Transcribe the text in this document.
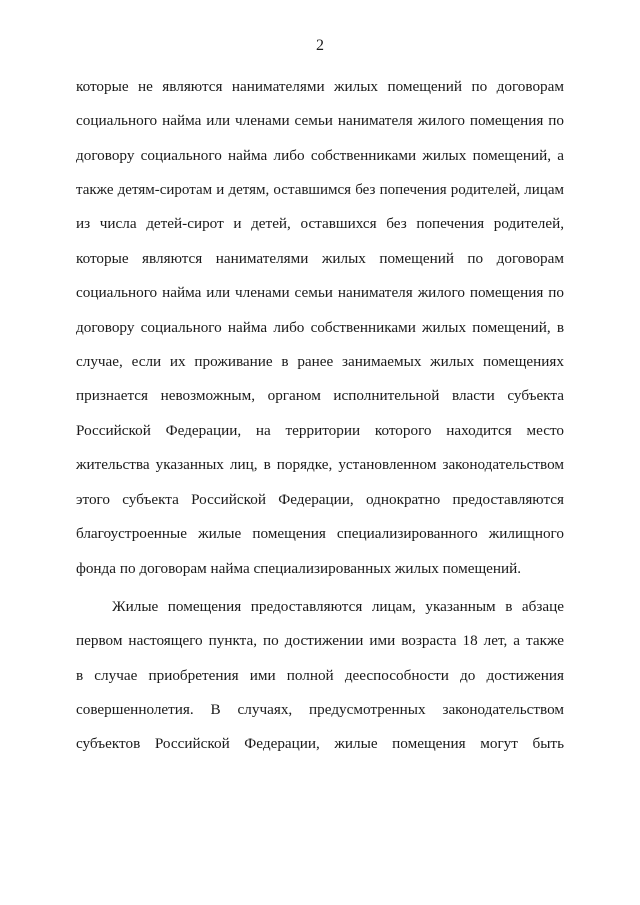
2
которые не являются нанимателями жилых помещений по договорам
социального найма или членами семьи нанимателя жилого помещения по
договору социального найма либо собственниками жилых помещений, а
также детям-сиротам и детям, оставшимся без попечения родителей, лицам
из числа детей-сирот и детей, оставшихся без попечения родителей,
которые являются нанимателями жилых помещений по договорам
социального найма или членами семьи нанимателя жилого помещения по
договору социального найма либо собственниками жилых помещений, в
случае, если их проживание в ранее занимаемых жилых помещениях
признается невозможным, органом исполнительной власти субъекта
Российской Федерации, на территории которого находится место
жительства указанных лиц, в порядке, установленном законодательством
этого субъекта Российской Федерации, однократно предоставляются
благоустроенные жилые помещения специализированного жилищного
фонда по договорам найма специализированных жилых помещений.
Жилые помещения предоставляются лицам, указанным в абзаце
первом настоящего пункта, по достижении ими возраста 18 лет, а также
в случае приобретения ими полной дееспособности до достижения
совершеннолетия. В случаях, предусмотренных законодательством
субъектов Российской Федерации, жилые помещения могут быть
